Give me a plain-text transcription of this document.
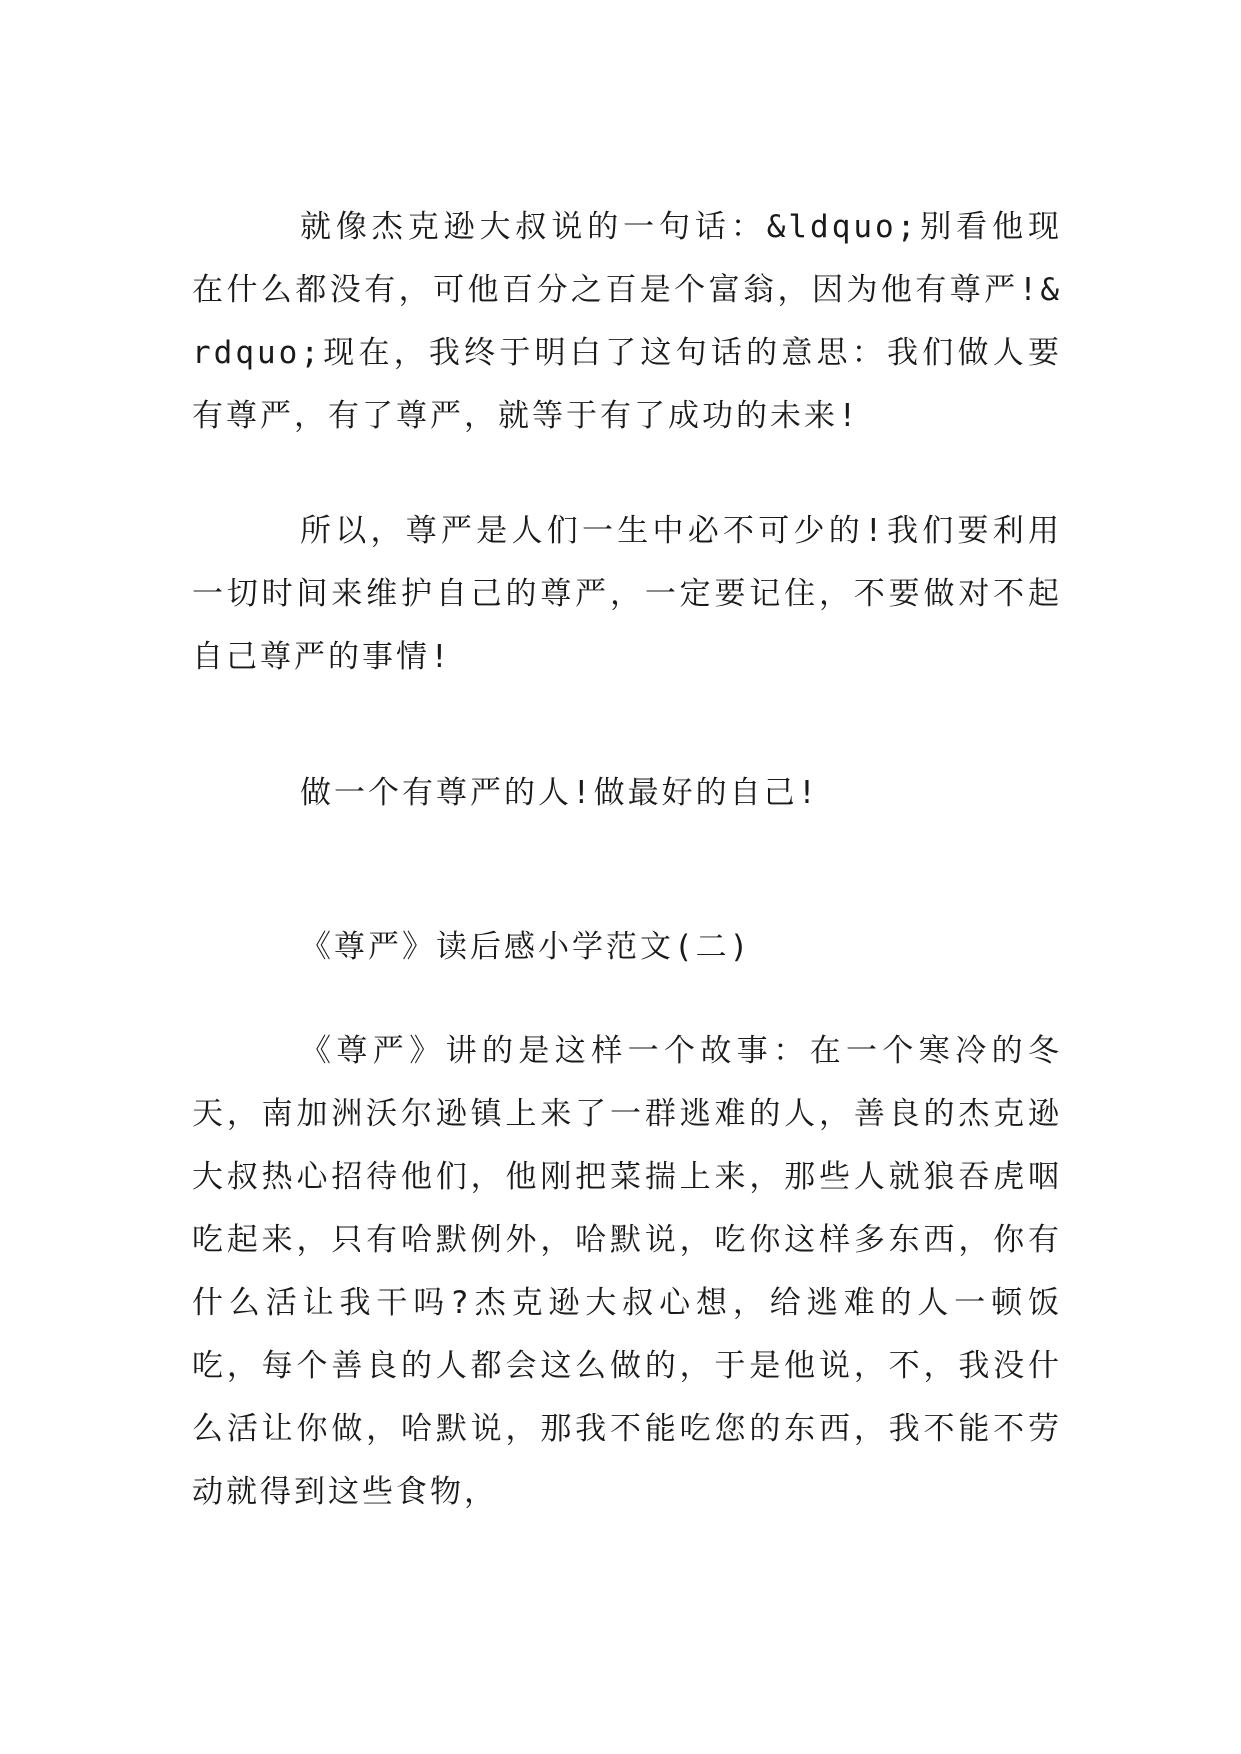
就像杰克逊大叔说的一句话：&ldquo;别看他现在什么都没有，可他百分之百是个富翁，因为他有尊严!&rdquo;现在，我终于明白了这句话的意思：我们做人要有尊严，有了尊严，就等于有了成功的未来!

所以，尊严是人们一生中必不可少的!我们要利用一切时间来维护自己的尊严，一定要记住，不要做对不起自己尊严的事情!

做一个有尊严的人!做最好的自己!

《尊严》读后感小学范文(二)

《尊严》讲的是这样一个故事：在一个寒冷的冬天，南加洲沃尔逊镇上来了一群逃难的人，善良的杰克逊大叔热心招待他们，他刚把菜揣上来，那些人就狼吞虎咽吃起来，只有哈默例外，哈默说，吃你这样多东西，你有什么活让我干吗?杰克逊大叔心想，给逃难的人一顿饭吃，每个善良的人都会这么做的，于是他说，不，我没什么活让你做，哈默说，那我不能吃您的东西，我不能不劳动就得到这些食物，
